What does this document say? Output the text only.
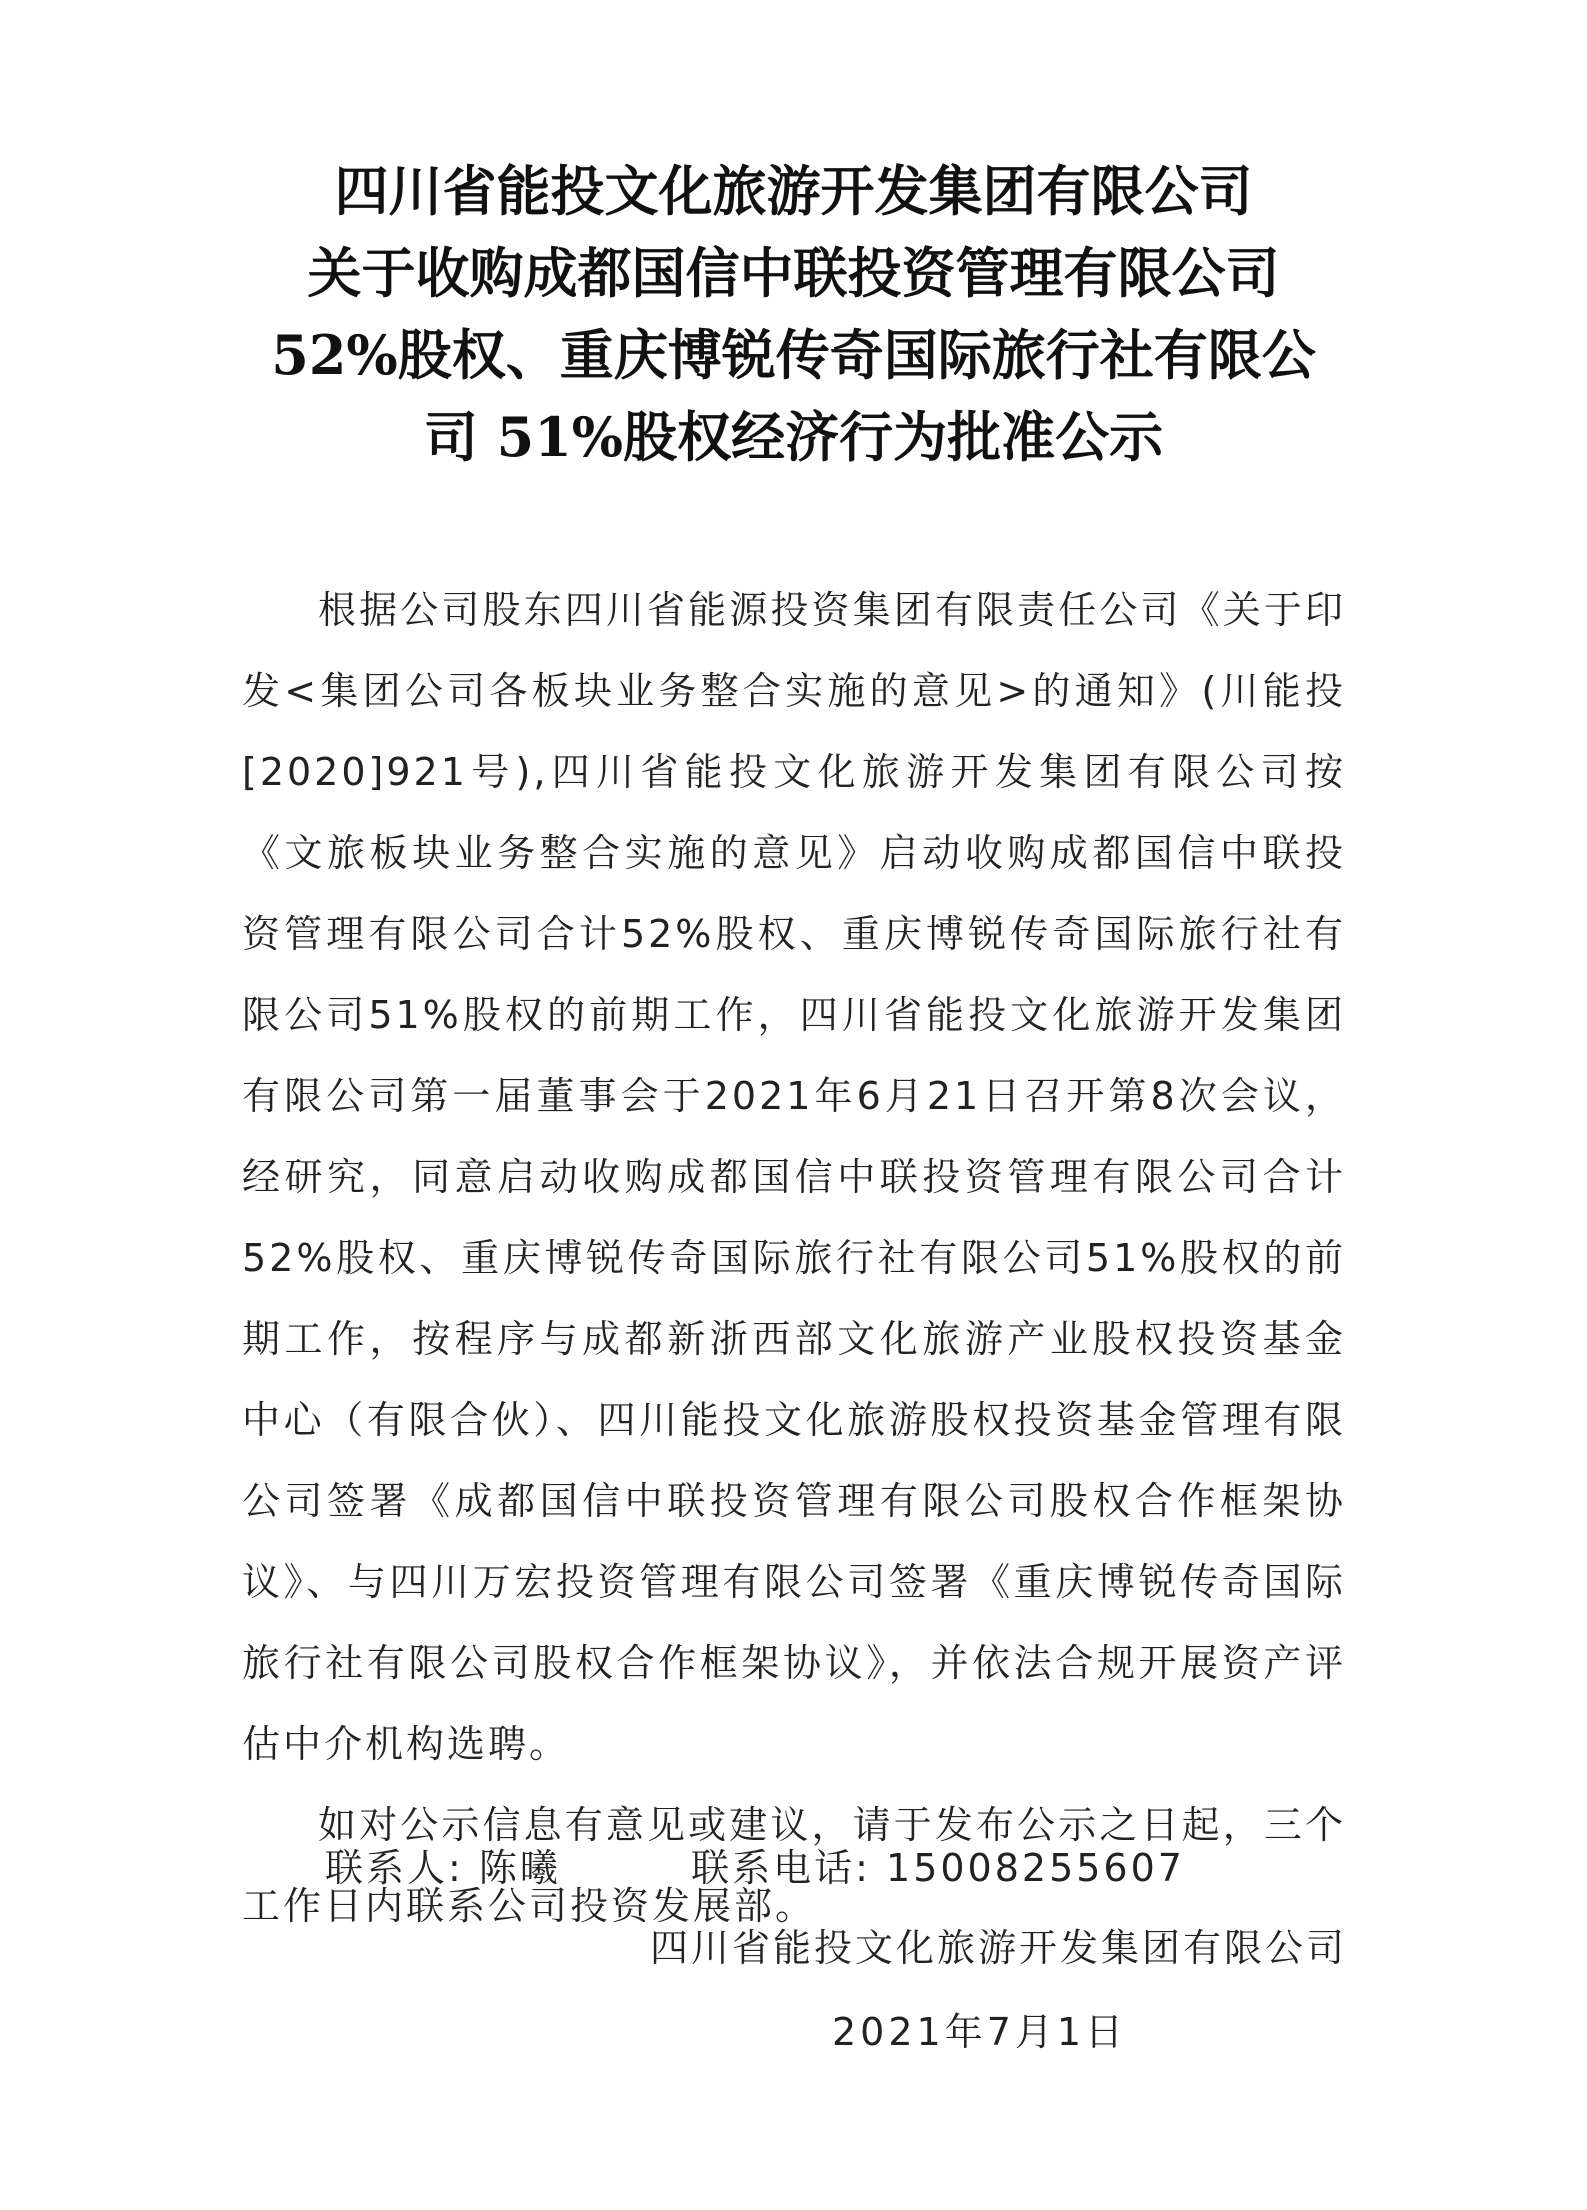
四川省能投文化旅游开发集团有限公司
关于收购成都国信中联投资管理有限公司
52%股权、重庆博锐传奇国际旅行社有限公
司 51%股权经济行为批准公示

根据公司股东四川省能源投资集团有限责任公司《关于印发<集团公司各板块业务整合实施的意见>的通知》(川能投[2020]921号),四川省能投文化旅游开发集团有限公司按《文旅板块业务整合实施的意见》启动收购成都国信中联投资管理有限公司合计52%股权、重庆博锐传奇国际旅行社有限公司51%股权的前期工作，四川省能投文化旅游开发集团有限公司第一届董事会于2021年6月21日召开第8次会议，经研究，同意启动收购成都国信中联投资管理有限公司合计52%股权、重庆博锐传奇国际旅行社有限公司51%股权的前期工作，按程序与成都新浙西部文化旅游产业股权投资基金中心（有限合伙）、四川能投文化旅游股权投资基金管理有限公司签署《成都国信中联投资管理有限公司股权合作框架协议》、与四川万宏投资管理有限公司签署《重庆博锐传奇国际旅行社有限公司股权合作框架协议》，并依法合规开展资产评估中介机构选聘。

如对公示信息有意见或建议，请于发布公示之日起，三个工作日内联系公司投资发展部。

联系人: 陈曦	联系电话: 15008255607
四川省能投文化旅游开发集团有限公司
2021年7月1日
